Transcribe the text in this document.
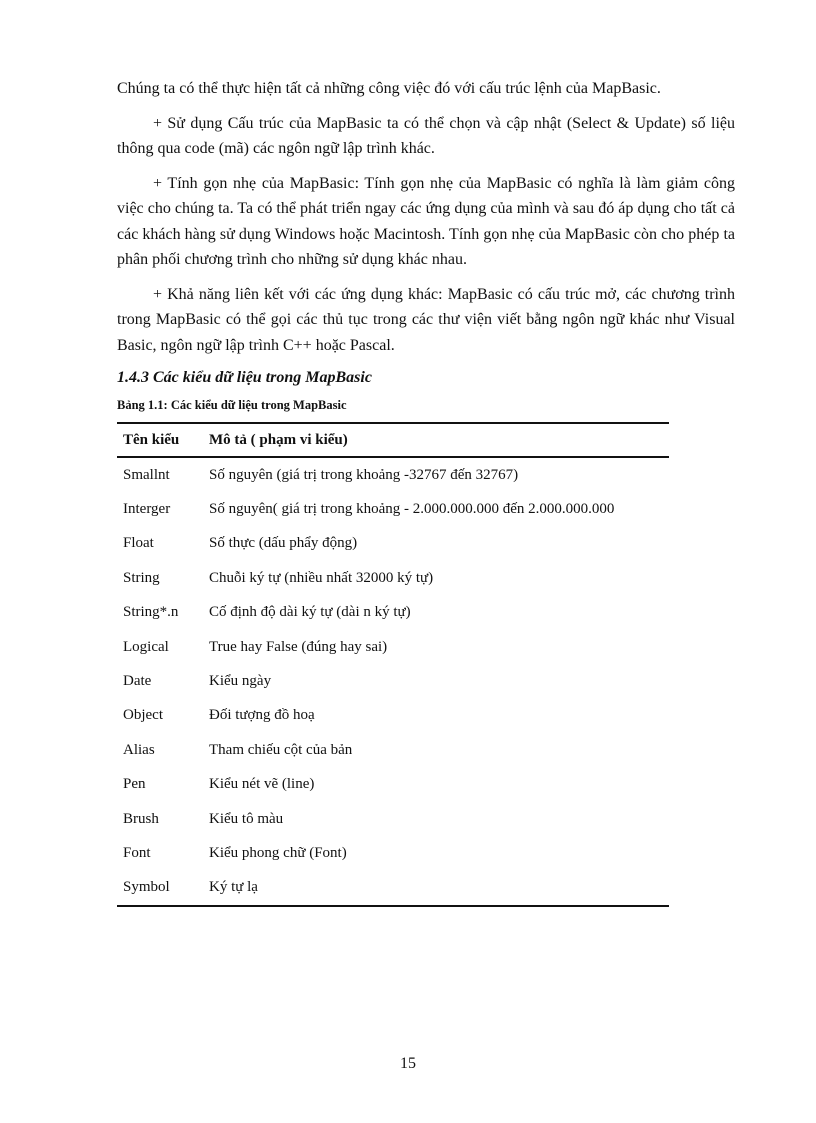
Chúng ta có thể thực hiện tất cả những công việc đó với cấu trúc lệnh của MapBasic.

+ Sử dụng Cấu trúc của MapBasic ta có thể chọn và cập nhật (Select & Update) số liệu thông qua code (mã) các ngôn ngữ lập trình khác.

+ Tính gọn nhẹ của MapBasic: Tính gọn nhẹ của MapBasic có nghĩa là làm giảm công việc cho chúng ta. Ta có thể phát triển ngay các ứng dụng của mình và sau đó áp dụng cho tất cả các khách hàng sử dụng Windows hoặc Macintosh. Tính gọn nhẹ của MapBasic còn cho phép ta phân phối chương trình cho những sử dụng khác nhau.

+ Khả năng liên kết với các ứng dụng khác: MapBasic có cấu trúc mở, các chương trình trong MapBasic có thể gọi các thủ tục trong các thư viện viết bằng ngôn ngữ khác như Visual Basic, ngôn ngữ lập trình C++ hoặc Pascal.

1.4.3 Các kiểu dữ liệu trong MapBasic
Bảng 1.1: Các kiểu dữ liệu trong MapBasic
Tên kiểu	Mô tả ( phạm vi kiểu)
Smallnt	Số nguyên (giá trị trong khoảng -32767 đến 32767)
Interger	Số nguyên( giá trị trong khoảng - 2.000.000.000 đến 2.000.000.000
Float	Số thực (dấu phẩy động)
String	Chuỗi ký tự (nhiều nhất 32000 ký tự)
String*.n	Cố định độ dài ký tự (dài n ký tự)
Logical	True hay False (đúng hay sai)
Date	Kiểu ngày
Object	Đối tượng đồ hoạ
Alias	Tham chiếu cột của bản
Pen	Kiểu nét vẽ (line)
Brush	Kiểu tô màu
Font	Kiểu phong chữ (Font)
Symbol	Ký tự lạ
15
